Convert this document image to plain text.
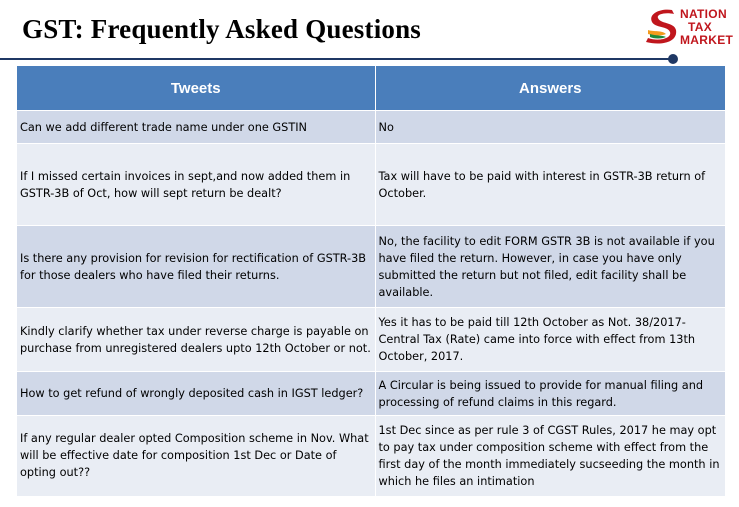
GST: Frequently Asked Questions	NATION
TAX
MARKET
Tweets	Answers
Can we add different trade name under one GSTIN	No
If I missed certain invoices in sept,and now added them in GSTR-3B of Oct, how will sept return be dealt?	Tax will have to be paid with interest in GSTR-3B return of October.
Is there any provision for revision for rectification of GSTR-3B for those dealers who have filed their returns.	No, the facility to edit FORM GSTR 3B is not available if you have filed the return. However, in case you have only submitted the return but not filed, edit facility shall be available.
Kindly clarify whether tax under reverse charge is payable on purchase from unregistered dealers upto 12th October or not.	Yes it has to be paid till 12th October as Not. 38/2017-Central Tax (Rate) came into force with effect from 13th October, 2017.
How to get refund of wrongly deposited cash in IGST ledger?	A Circular is being issued to provide for manual filing and processing of refund claims in this regard.
If any regular dealer opted Composition scheme in Nov. What will be effective date for composition 1st Dec or Date of opting out??	1st Dec since as per rule 3 of CGST Rules, 2017 he may opt to pay tax under composition scheme with effect from the first day of the month immediately sucseeding the month in which he files an intimation
